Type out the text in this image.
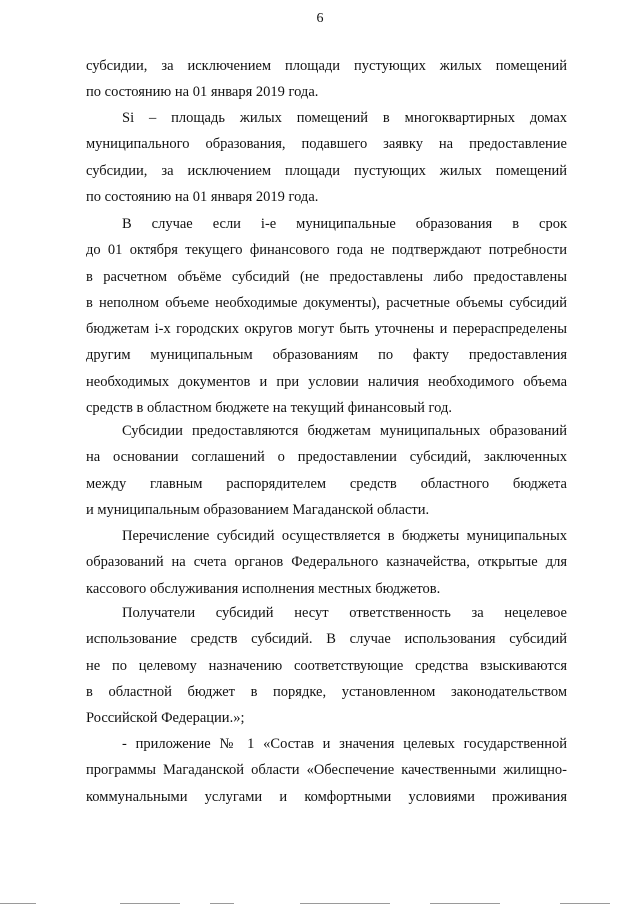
6
субсидии, за исключением площади пустующих жилых помещений
по состоянию на 01 января 2019 года.
Si – площадь жилых помещений в многоквартирных домах
муниципального образования, подавшего заявку на предоставление
субсидии, за исключением площади пустующих жилых помещений
по состоянию на 01 января 2019 года.
В случае если i-е муниципальные образования в срок
до 01 октября текущего финансового года не подтверждают потребности
в расчетном объёме субсидий (не предоставлены либо предоставлены
в неполном объеме необходимые документы), расчетные объемы субсидий
бюджетам i-х городских округов могут быть уточнены и перераспределены
другим муниципальным образованиям по факту предоставления
необходимых документов и при условии наличия необходимого объема
средств в областном бюджете на текущий финансовый год.
Субсидии предоставляются бюджетам муниципальных образований
на основании соглашений о предоставлении субсидий, заключенных
между главным распорядителем средств областного бюджета
и муниципальным образованием Магаданской области.
Перечисление субсидий осуществляется в бюджеты муниципальных
образований на счета органов Федерального казначейства, открытые для
кассового обслуживания исполнения местных бюджетов.
Получатели субсидий несут ответственность за нецелевое
использование средств субсидий. В случае использования субсидий
не по целевому назначению соответствующие средства взыскиваются
в областной бюджет в порядке, установленном законодательством
Российской Федерации.»;
- приложение № 1 «Состав и значения целевых государственной
программы Магаданской области «Обеспечение качественными жилищно-
коммунальными услугами и комфортными условиями проживания
